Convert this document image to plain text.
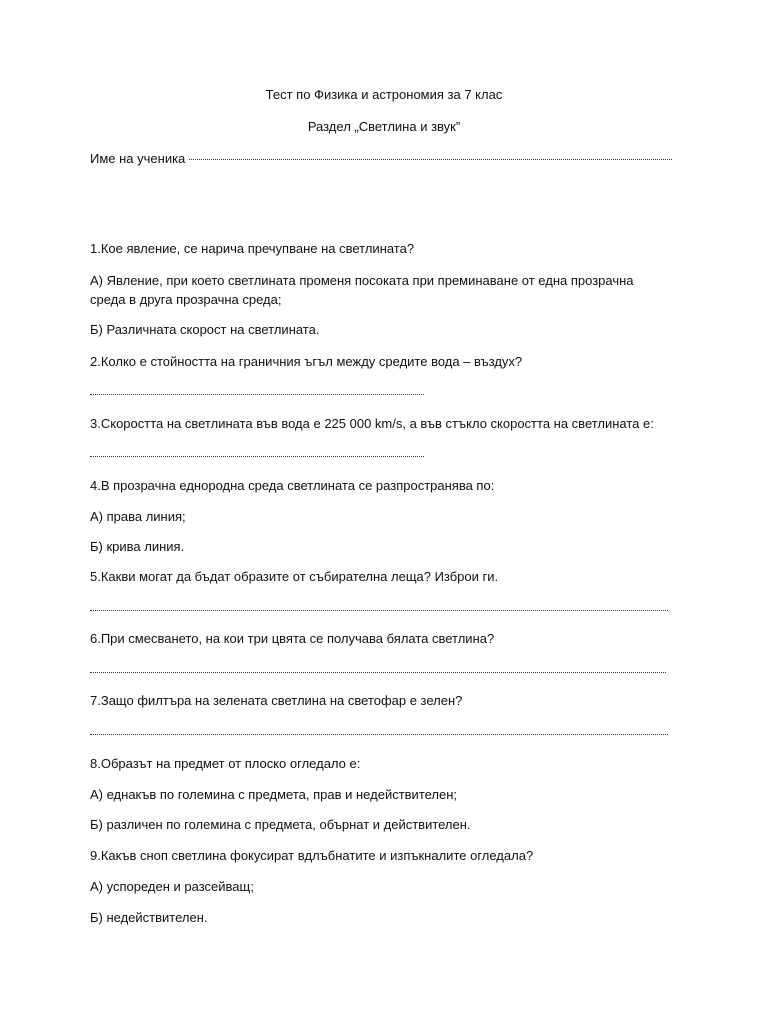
Тест по Физика и астрономия за 7 клас
Раздел „Светлина и звук”
Име на ученика
1.Кое явление, се нарича пречупване на светлината?
А) Явление, при което светлината променя посоката при преминаване от една прозрачна
среда в друга прозрачна среда;
Б) Различната скорост на светлината.
2.Колко е стойността на граничния ъгъл между средите вода – въздух?
3.Скоростта на светлината във вода е 225 000 km/s, а във стъкло скоростта на светлината е:
4.В прозрачна еднородна среда светлината се разпространява по:
А) права линия;
Б) крива линия.
5.Какви могат да бъдат образите от събирателна леща? Изброи ги.
6.При смесването, на кои три цвята се получава бялата светлина?
7.Защо филтъра на зелената светлина на светофар е зелен?
8.Образът на предмет от плоско огледало е:
А) еднакъв по големина с предмета, прав и недействителен;
Б) различен по големина с предмета, обърнат и действителен.
9.Какъв сноп светлина фокусират вдлъбнатите и изпъкналите огледала?
А) успореден и разсейващ;
Б) недействителен.
